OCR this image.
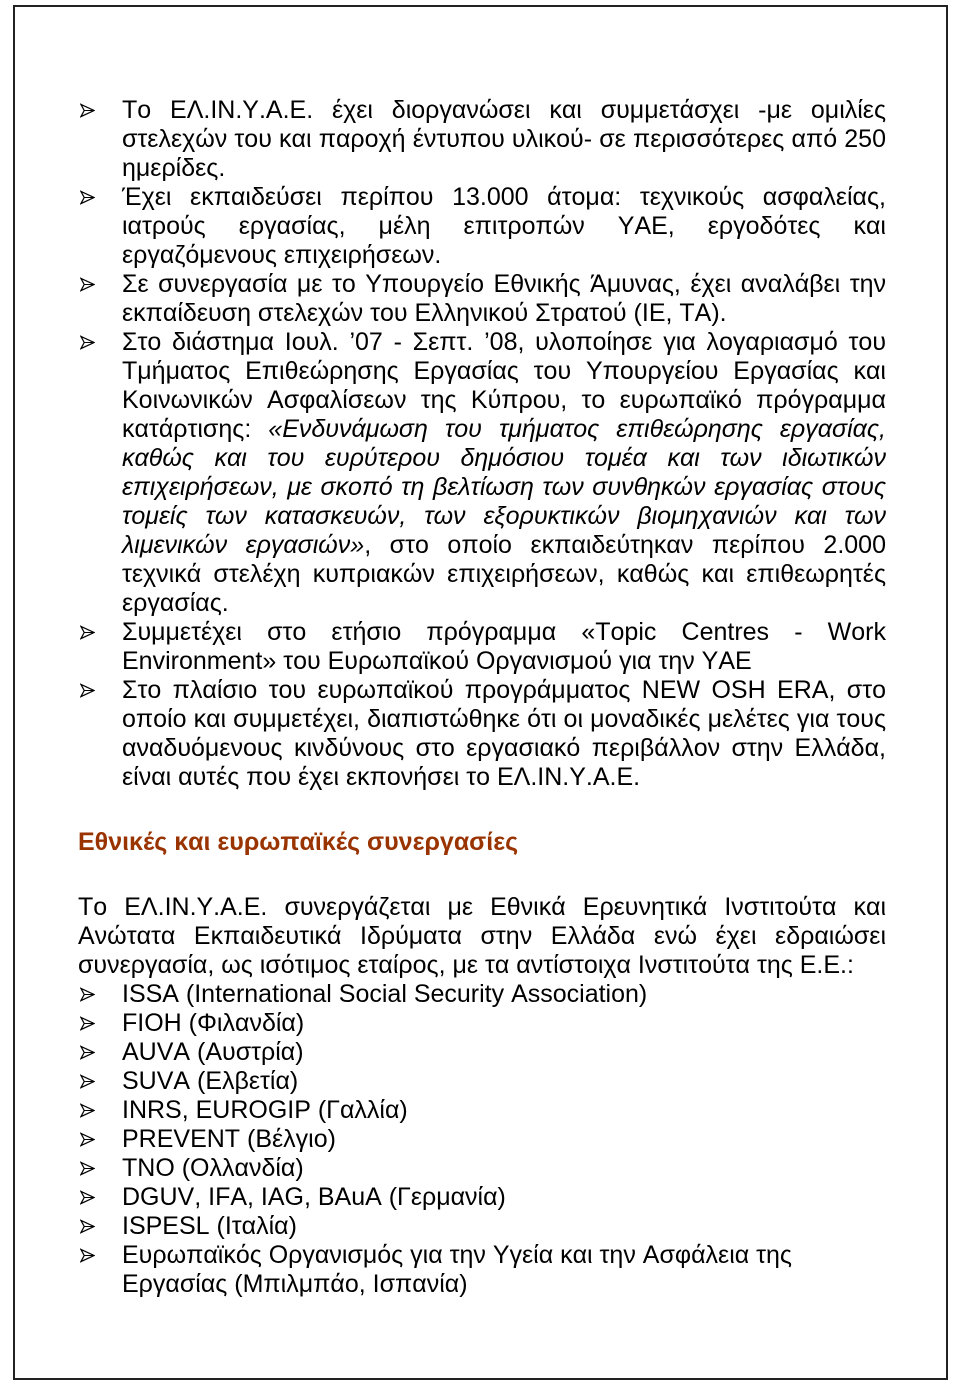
Το ΕΛ.ΙΝ.Υ.Α.Ε. έχει διοργανώσει και συμμετάσχει -με ομιλίες στελεχών του και παροχή έντυπου υλικού- σε περισσότερες από 250 ημερίδες.
Έχει εκπαιδεύσει περίπου 13.000 άτομα: τεχνικούς ασφαλείας, ιατρούς εργασίας, μέλη επιτροπών ΥΑΕ, εργοδότες και εργαζόμενους επιχειρήσεων.
Σε συνεργασία με το Υπουργείο Εθνικής Άμυνας, έχει αναλάβει την εκπαίδευση στελεχών του Ελληνικού Στρατού (ΙΕ, ΤΑ).
Στο διάστημα Ιουλ. ’07 - Σεπτ. ’08, υλοποίησε για λογαριασμό του Τμήματος Επιθεώρησης Εργασίας του Υπουργείου Εργασίας και Κοινωνικών Ασφαλίσεων της Κύπρου, το ευρωπαϊκό πρόγραμμα κατάρτισης: «Ενδυνάμωση του τμήματος επιθεώρησης εργασίας, καθώς και του ευρύτερου δημόσιου τομέα και των ιδιωτικών επιχειρήσεων, με σκοπό τη βελτίωση των συνθηκών εργασίας στους τομείς των κατασκευών, των εξορυκτικών βιομηχανιών και των λιμενικών εργασιών», στο οποίο εκπαιδεύτηκαν περίπου 2.000 τεχνικά στελέχη κυπριακών επιχειρήσεων, καθώς και επιθεωρητές εργασίας.
Συμμετέχει στο ετήσιο πρόγραμμα «Topic Centres - Work Environment» του Ευρωπαϊκού Οργανισμού για την ΥΑΕ
Στο πλαίσιο του ευρωπαϊκού προγράμματος NEW OSH ERA, στο οποίο και συμμετέχει, διαπιστώθηκε ότι οι μοναδικές μελέτες για τους αναδυόμενους κινδύνους στο εργασιακό περιβάλλον στην Ελλάδα, είναι αυτές που έχει εκπονήσει το ΕΛ.ΙΝ.Υ.Α.Ε.
Εθνικές και ευρωπαϊκές συνεργασίες
Το ΕΛ.ΙΝ.Υ.Α.Ε. συνεργάζεται με Εθνικά Ερευνητικά Ινστιτούτα και Ανώτατα Εκπαιδευτικά Ιδρύματα στην Ελλάδα ενώ έχει εδραιώσει συνεργασία, ως ισότιμος εταίρος, με τα αντίστοιχα Ινστιτούτα της Ε.Ε.:
ISSA (International Social Security Association)
FIOH (Φιλανδία)
AUVA (Αυστρία)
SUVA (Ελβετία)
INRS, EUROGIP (Γαλλία)
PREVENT (Βέλγιο)
TNO (Ολλανδία)
DGUV, IFA, IAG, BAuA (Γερμανία)
ISPESL (Ιταλία)
Ευρωπαϊκός Οργανισμός για την Υγεία και την Ασφάλεια της Εργασίας (Μπιλμπάο, Ισπανία)
